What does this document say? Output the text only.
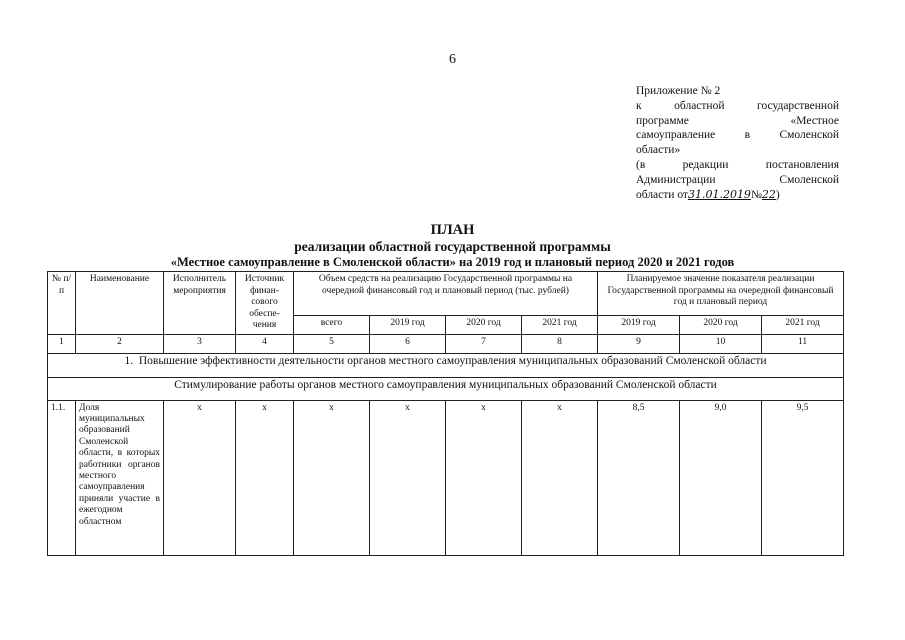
6
Приложение № 2
к областной государственной
программе «Местное
самоуправление в Смоленской
области»
(в редакции постановления
Администрации Смоленской
области от31.01.2019№22)
ПЛАН
реализации областной государственной программы
«Местное самоуправление в Смоленской области» на 2019 год и плановый период 2020 и 2021 годов
№ п/п	Наименование	Исполнитель мероприятия	Источник финан-сового обеспе-чения	Объем средств на реализацию Государственной программы на очередной финансовый год и плановый период (тыс. рублей)				Планируемое значение показателя реализации Государственной программы на очередной финансовый год и плановый период		
				всего	2019 год	2020 год	2021 год	2019 год	2020 год	2021 год
1	2	3	4	5	6	7	8	9	10	11
1. Повышение эффективности деятельности органов местного самоуправления муниципальных образований Смоленской области										
Стимулирование работы органов местного самоуправления муниципальных образований Смоленской области										
1.1.	Доля муниципальных образований Смоленской области, в которых работники органов местного самоуправления приняли участие в ежегодном областном	х	х	х	х	х	х	8,5	9,0	9,5
